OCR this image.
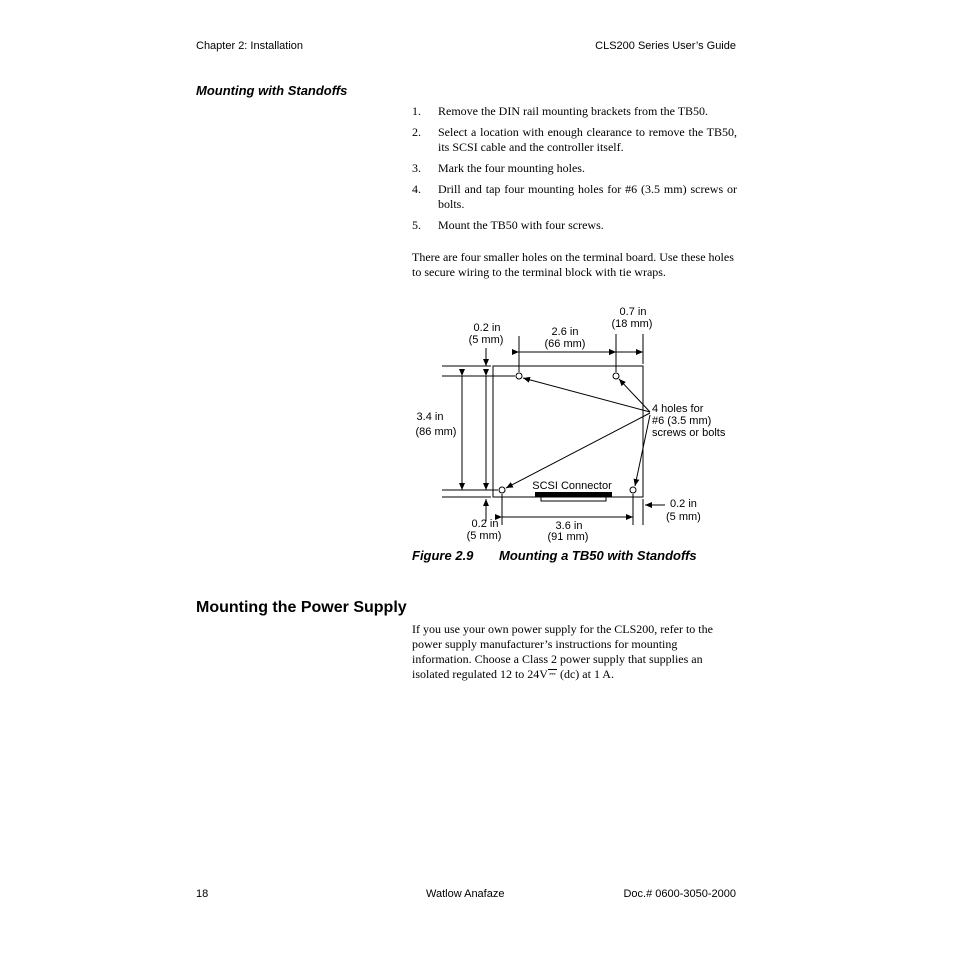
Chapter 2: Installation	CLS200 Series User’s Guide
Mounting with Standoffs
1. Remove the DIN rail mounting brackets from the TB50.
2. Select a location with enough clearance to remove the TB50, its SCSI cable and the controller itself.
3. Mark the four mounting holes.
4. Drill and tap four mounting holes for #6 (3.5 mm) screws or bolts.
5. Mount the TB50 with four screws.

There are four smaller holes on the terminal board. Use these holes to secure wiring to the terminal block with tie wraps.

0.2 in
(5 mm)
2.6 in
(66 mm)
0.7 in
(18 mm)
3.4 in
(86 mm)
4 holes for
#6 (3.5 mm)
screws or bolts
SCSI Connector
0.2 in
(5 mm)
0.2 in
(5 mm)
3.6 in
(91 mm)
Figure 2.9 Mounting a TB50 with Standoffs
Mounting the Power Supply

If you use your own power supply for the CLS200, refer to the power supply manufacturer’s instructions for mounting information. Choose a Class 2 power supply that supplies an isolated regulated 12 to 24V⎓ (dc) at 1 A.

18	Watlow Anafaze	Doc.# 0600-3050-2000
